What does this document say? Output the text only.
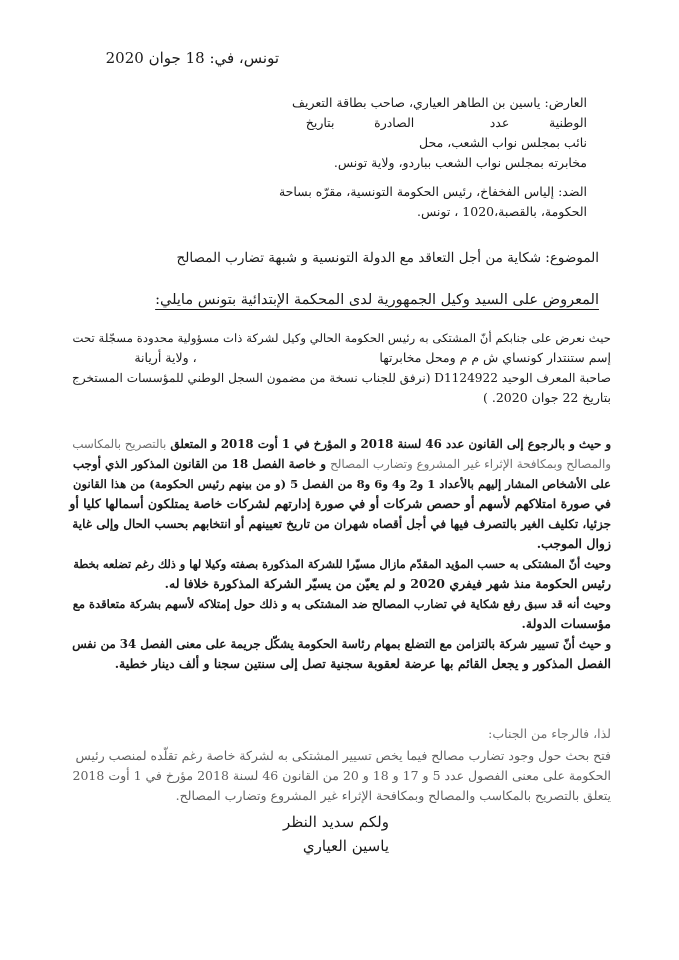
تونس، في: 18 جوان 2020
العارض: ياسين بن الطاهر العياري، صاحب بطاقة التعريف
الوطنية          عدد                   الصادرة          بتاريخ
نائب بمجلس نواب الشعب، محل
مخابرته بمجلس نواب الشعب بباردو، ولاية تونس.
الضد: إلياس الفخفاخ، رئيس الحكومة التونسية، مقرّه بساحة
الحكومة، بالقصبة،1020 ، تونس.
الموضوع: شكاية من أجل التعاقد مع الدولة التونسية و شبهة تضارب المصالح
المعروض على السيد وكيل الجمهورية لدى المحكمة الإبتدائية بتونس مايلي:

حيث نعرض على جنابكم أنّ المشتكى به رئيس الحكومة الحالي وكيل لشركة ذات مسؤولية محدودة مسجّلة تحت

إسم ستنتدار كونساي ش م م ومحل مخابرتها                                              ، ولاية أريانة

صاحبة المعرف الوحيد D1124922 (نرفق للجناب نسخة من مضمون السجل الوطني للمؤسسات المستخرج

بتاريخ 22 جوان 2020. )

و حيث و بالرجوع إلى القانون عدد 46 لسنة 2018 و المؤرخ في 1 أوت 2018 و المتعلق بالتصريح بالمكاسب

والمصالح وبمكافحة الإثراء غير المشروع وتضارب المصالح و خاصة الفصل 18 من القانون المذكور الذي أوجب

على الأشخاص المشار إليهم بالأعداد 1 و2 و4 و6 و8 من الفصل 5 (و من بينهم رئيس الحكومة) من هذا القانون

في صورة امتلاكهم لأسهم أو حصص شركات أو في صورة إدارتهم لشركات خاصة يمتلكون أسمالها كليا أو

جزئيا، تكليف الغير بالتصرف فيها في أجل أقصاه شهران من تاريخ تعيينهم أو انتخابهم بحسب الحال وإلى غاية

زوال الموجب.

وحيث أنّ المشتكى به حسب المؤيد المقدّم مازال مسيّرا للشركة المذكورة بصفته وكيلا لها و ذلك رغم تضلعه بخطة

رئيس الحكومة منذ شهر فيفري 2020 و لم يعيّن من يسيّر الشركة المذكورة خلافا له.

وحيث أنه قد سبق رفع شكاية في تضارب المصالح ضد المشتكى به و ذلك حول إمتلاكه لأسهم بشركة متعاقدة مع

مؤسسات الدولة.

و حيث أنّ تسيير شركة بالتزامن مع التضلع بمهام رئاسة الحكومة يشكّل جريمة على معنى الفصل 34 من نفس

الفصل المذكور و يجعل القائم بها عرضة لعقوبة سجنية تصل إلى سنتين سجنا و ألف دينار خطية.

لذا، فالرجاء من الجناب:

فتح بحث حول وجود تضارب مصالح فيما يخص تسيير المشتكى به لشركة خاصة رغم تقلّده لمنصب رئيس

الحكومة على معنى الفصول عدد 5 و 17 و 18 و 20 من القانون 46 لسنة 2018 مؤرخ في 1 أوت 2018

يتعلق بالتصريح بالمكاسب والمصالح وبمكافحة الإثراء غير المشروع وتضارب المصالح.

ولكم سديد النظر
ياسين العياري
